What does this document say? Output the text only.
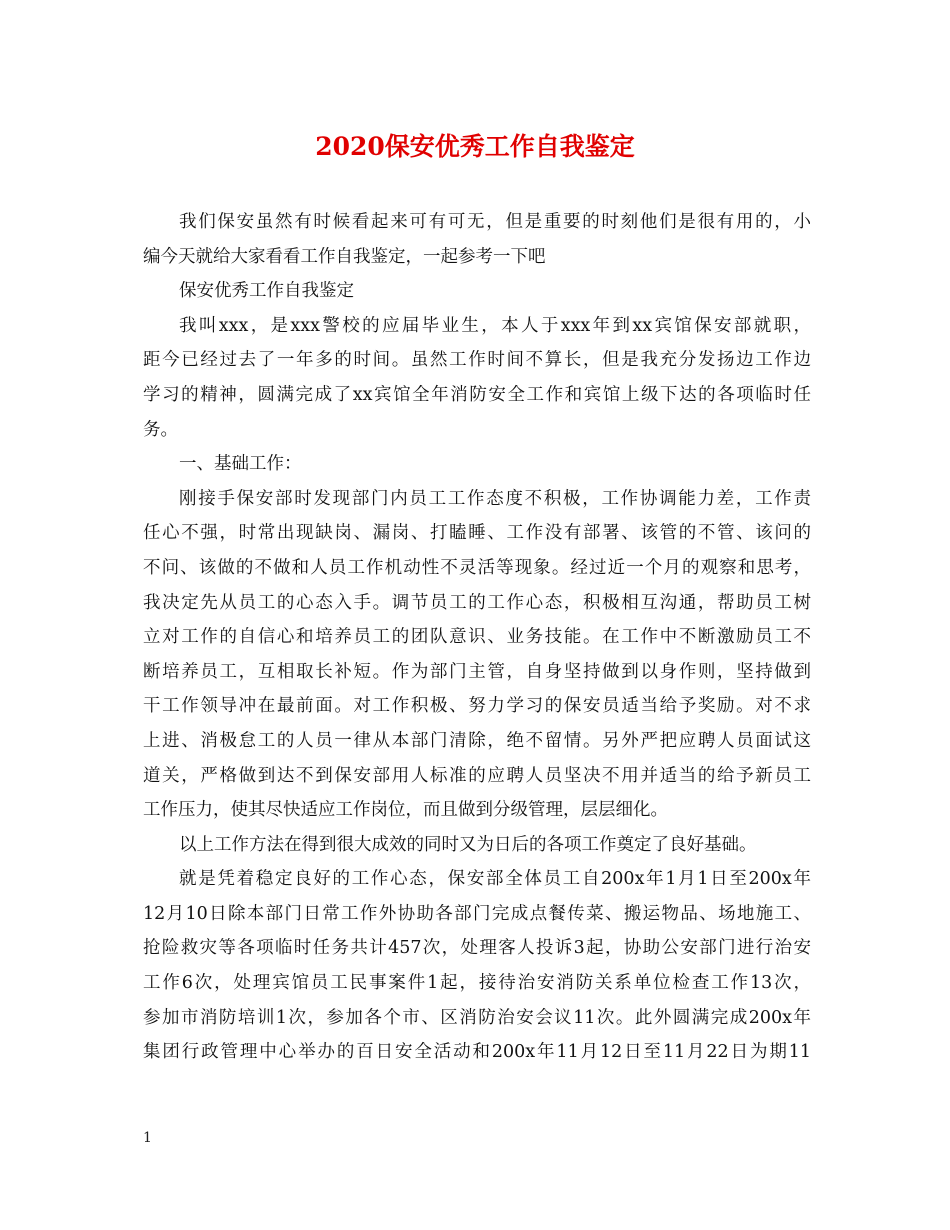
2020保安优秀工作自我鉴定
我们保安虽然有时候看起来可有可无，但是重要的时刻他们是很有用的，小
编今天就给大家看看工作自我鉴定，一起参考一下吧
保安优秀工作自我鉴定
我叫xxx，是xxx警校的应届毕业生，本人于xxx年到xx宾馆保安部就职，
距今已经过去了一年多的时间。虽然工作时间不算长，但是我充分发扬边工作边
学习的精神，圆满完成了xx宾馆全年消防安全工作和宾馆上级下达的各项临时任
务。
一、基础工作：
刚接手保安部时发现部门内员工工作态度不积极，工作协调能力差，工作责
任心不强，时常出现缺岗、漏岗、打瞌睡、工作没有部署、该管的不管、该问的
不问、该做的不做和人员工作机动性不灵活等现象。经过近一个月的观察和思考，
我决定先从员工的心态入手。调节员工的工作心态，积极相互沟通，帮助员工树
立对工作的自信心和培养员工的团队意识、业务技能。在工作中不断激励员工不
断培养员工，互相取长补短。作为部门主管，自身坚持做到以身作则，坚持做到
干工作领导冲在最前面。对工作积极、努力学习的保安员适当给予奖励。对不求
上进、消极怠工的人员一律从本部门清除，绝不留情。另外严把应聘人员面试这
道关，严格做到达不到保安部用人标准的应聘人员坚决不用并适当的给予新员工
工作压力，使其尽快适应工作岗位，而且做到分级管理，层层细化。
以上工作方法在得到很大成效的同时又为日后的各项工作奠定了良好基础。
就是凭着稳定良好的工作心态，保安部全体员工自200x年1月1日至200x年
12月10日除本部门日常工作外协助各部门完成点餐传菜、搬运物品、场地施工、
抢险救灾等各项临时任务共计457次，处理客人投诉3起，协助公安部门进行治安
工作6次，处理宾馆员工民事案件1起，接待治安消防关系单位检查工作13次，
参加市消防培训1次，参加各个市、区消防治安会议11次。此外圆满完成200x年
集团行政管理中心举办的百日安全活动和200x年11月12日至11月22日为期11
1
